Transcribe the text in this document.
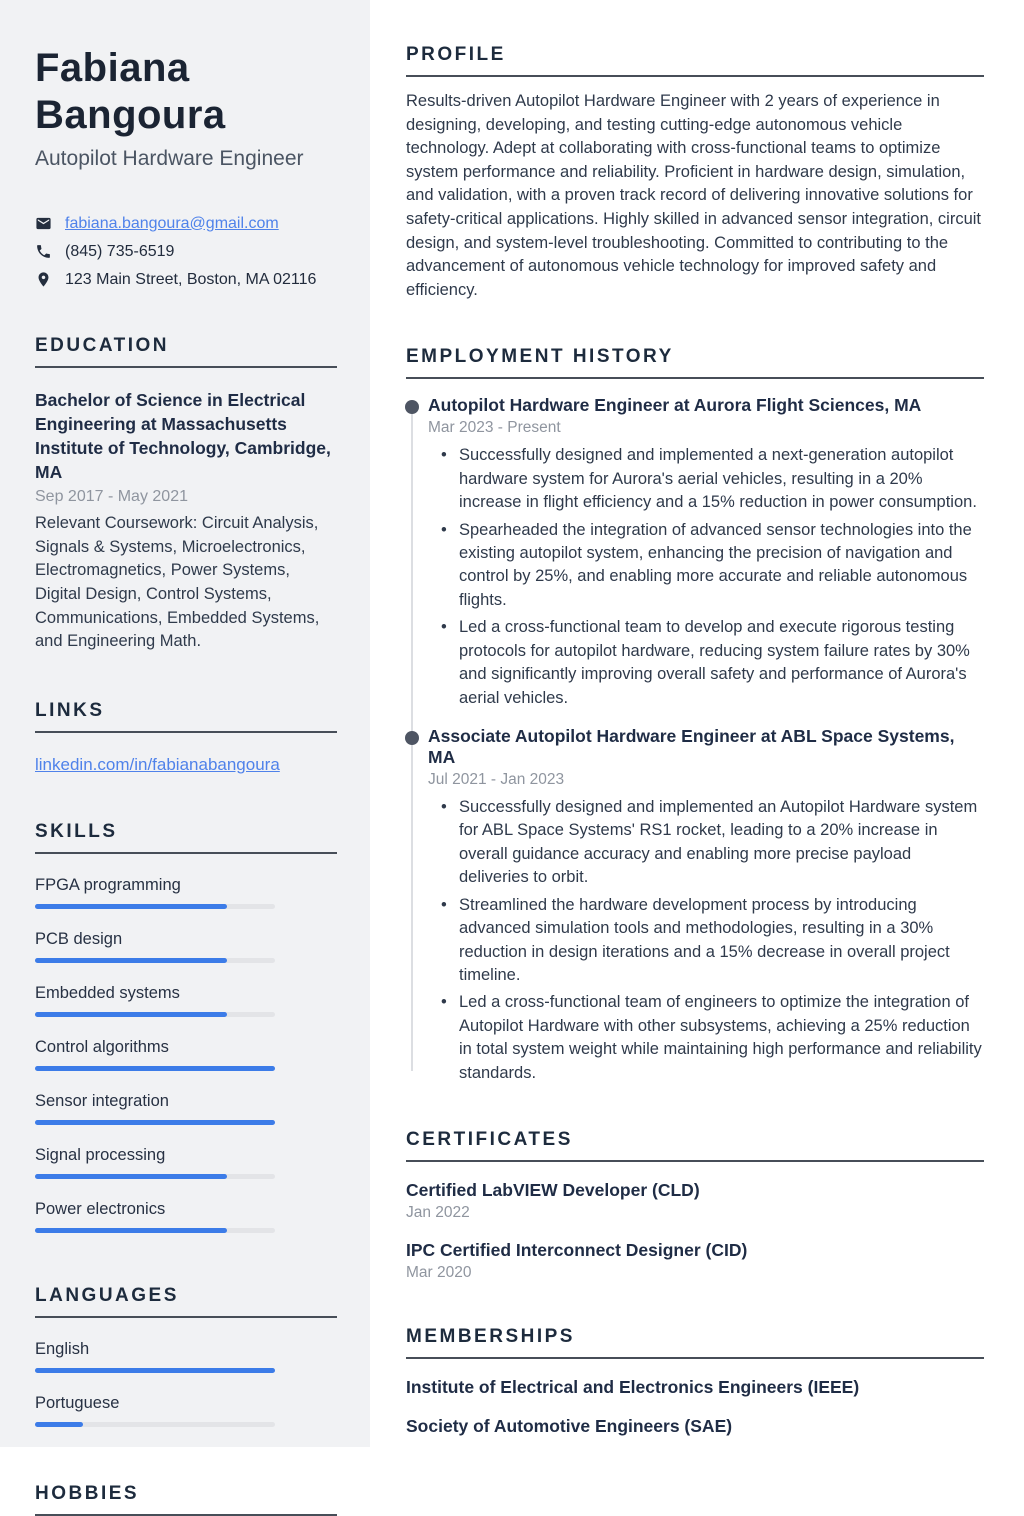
Fabiana Bangoura
Autopilot Hardware Engineer
fabiana.bangoura@gmail.com
(845) 735-6519
123 Main Street, Boston, MA 02116
EDUCATION
Bachelor of Science in Electrical Engineering at Massachusetts Institute of Technology, Cambridge, MA
Sep 2017 - May 2021

Relevant Coursework: Circuit Analysis, Signals & Systems, Microelectronics, Electromagnetics, Power Systems, Digital Design, Control Systems, Communications, Embedded Systems, and Engineering Math.

LINKS
linkedin.com/in/fabianabangoura
SKILLS
FPGA programming
PCB design
Embedded systems
Control algorithms
Sensor integration
Signal processing
Power electronics
LANGUAGES
English
Portuguese
HOBBIES
PROFILE

Results-driven Autopilot Hardware Engineer with 2 years of experience in designing, developing, and testing cutting-edge autonomous vehicle technology. Adept at collaborating with cross-functional teams to optimize system performance and reliability. Proficient in hardware design, simulation, and validation, with a proven track record of delivering innovative solutions for safety-critical applications. Highly skilled in advanced sensor integration, circuit design, and system-level troubleshooting. Committed to contributing to the advancement of autonomous vehicle technology for improved safety and efficiency.

EMPLOYMENT HISTORY
Autopilot Hardware Engineer at Aurora Flight Sciences, MA
Mar 2023 - Present
• Successfully designed and implemented a next-generation autopilot hardware system for Aurora's aerial vehicles, resulting in a 20% increase in flight efficiency and a 15% reduction in power consumption.
• Spearheaded the integration of advanced sensor technologies into the existing autopilot system, enhancing the precision of navigation and control by 25%, and enabling more accurate and reliable autonomous flights.
• Led a cross-functional team to develop and execute rigorous testing protocols for autopilot hardware, reducing system failure rates by 30% and significantly improving overall safety and performance of Aurora's aerial vehicles.
Associate Autopilot Hardware Engineer at ABL Space Systems, MA
Jul 2021 - Jan 2023
• Successfully designed and implemented an Autopilot Hardware system for ABL Space Systems' RS1 rocket, leading to a 20% increase in overall guidance accuracy and enabling more precise payload deliveries to orbit.
• Streamlined the hardware development process by introducing advanced simulation tools and methodologies, resulting in a 30% reduction in design iterations and a 15% decrease in overall project timeline.
• Led a cross-functional team of engineers to optimize the integration of Autopilot Hardware with other subsystems, achieving a 25% reduction in total system weight while maintaining high performance and reliability standards.
CERTIFICATES
Certified LabVIEW Developer (CLD)
Jan 2022
IPC Certified Interconnect Designer (CID)
Mar 2020
MEMBERSHIPS
Institute of Electrical and Electronics Engineers (IEEE)
Society of Automotive Engineers (SAE)
